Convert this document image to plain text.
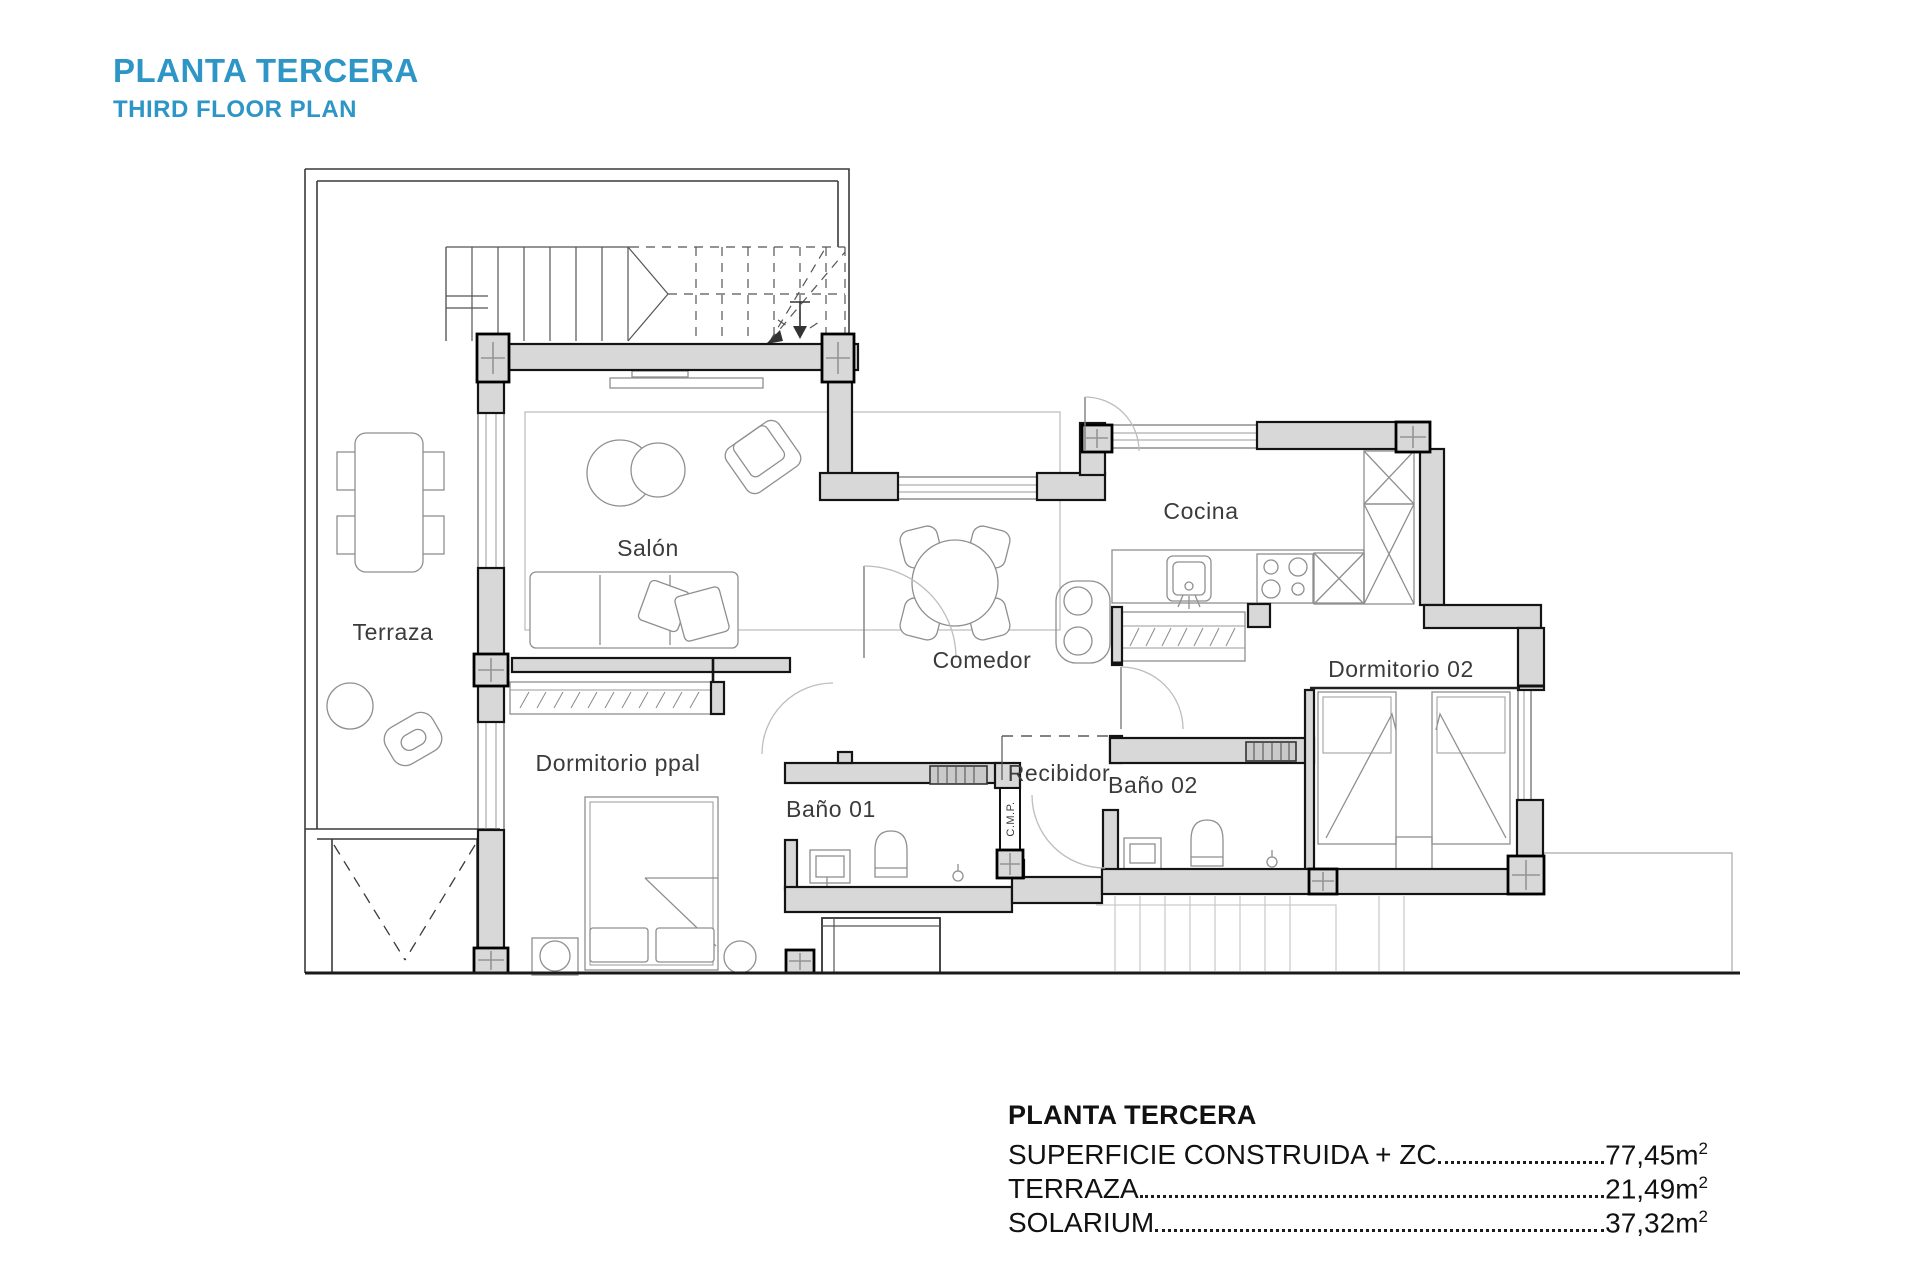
PLANTA TERCERA
THIRD FLOOR PLAN
C.M.P.
Terraza
Salón
Comedor
Cocina
Dormitorio ppal
Baño 01
Recibidor
Baño 02
Dormitorio 02
PLANTA TERCERA
SUPERFICIE CONSTRUIDA + ZC	$77,45m^2$
TERRAZA	$21,49m^2$
SOLARIUM	$37,32m^2$
